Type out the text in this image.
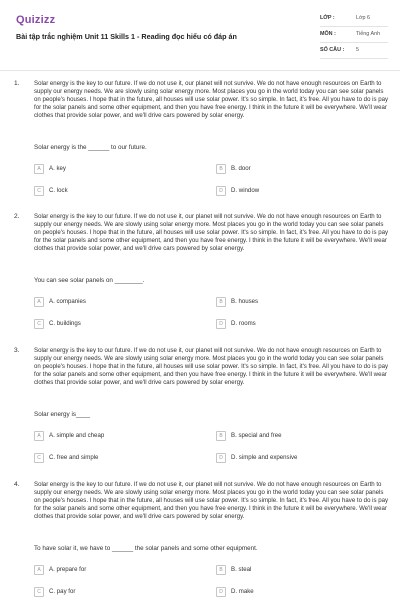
Quizizz
Bài tập trắc nghiệm Unit 11 Skills 1 - Reading đọc hiểu có đáp án
LỚP :	Lớp 6
MÔN :	Tiếng Anh
SỐ CÂU : 5
1. Solar energy is the key to our future. If we do not use it, our planet will not survive. We do not have enough resources on Earth to supply our energy needs. We are slowly using solar energy more. Most places you go in the world today you can see solar panels on people's houses. I hope that in the future, all houses will use solar power. It's so simple. In fact, it's free. All you have to do is pay for the solar panels and some other equipment, and then you have free energy. I think in the future it will be everywhere. We'll wear clothes that provide solar power, and we'll drive cars powered by solar energy.
Solar energy is the ______ to our future.
A	A. key	B	B. door
C	C. lock	D	D. window
2. Solar energy is the key to our future. If we do not use it, our planet will not survive. We do not have enough resources on Earth to supply our energy needs. We are slowly using solar energy more. Most places you go in the world today you can see solar panels on people's houses. I hope that in the future, all houses will use solar power. It's so simple. In fact, it's free. All you have to do is pay for the solar panels and some other equipment, and then you have free energy. I think in the future it will be everywhere. We'll wear clothes that provide solar power, and we'll drive cars powered by solar energy.
You can see solar panels on ________.
A	A. companies	B	B. houses
C	C. buildings	D	D. rooms
3. Solar energy is the key to our future. If we do not use it, our planet will not survive. We do not have enough resources on Earth to supply our energy needs. We are slowly using solar energy more. Most places you go in the world today you can see solar panels on people's houses. I hope that in the future, all houses will use solar power. It's so simple. In fact, it's free. All you have to do is pay for the solar panels and some other equipment, and then you have free energy. I think in the future it will be everywhere. We'll wear clothes that provide solar power, and we'll drive cars powered by solar energy.
Solar energy is____
A	A. simple and cheap	B	B. special and free
C	C. free and simple	D	D. simple and expensive
4. Solar energy is the key to our future. If we do not use it, our planet will not survive. We do not have enough resources on Earth to supply our energy needs. We are slowly using solar energy more. Most places you go in the world today you can see solar panels on people's houses. I hope that in the future, all houses will use solar power. It's so simple. In fact, it's free. All you have to do is pay for the solar panels and some other equipment, and then you have free energy. I think in the future it will be everywhere. We'll wear clothes that provide solar power, and we'll drive cars powered by solar energy.
To have solar it, we have to ______ the solar panels and some other equipment.
A	A. prepare for	B	B. steal
C	C. pay for	D	D. make
